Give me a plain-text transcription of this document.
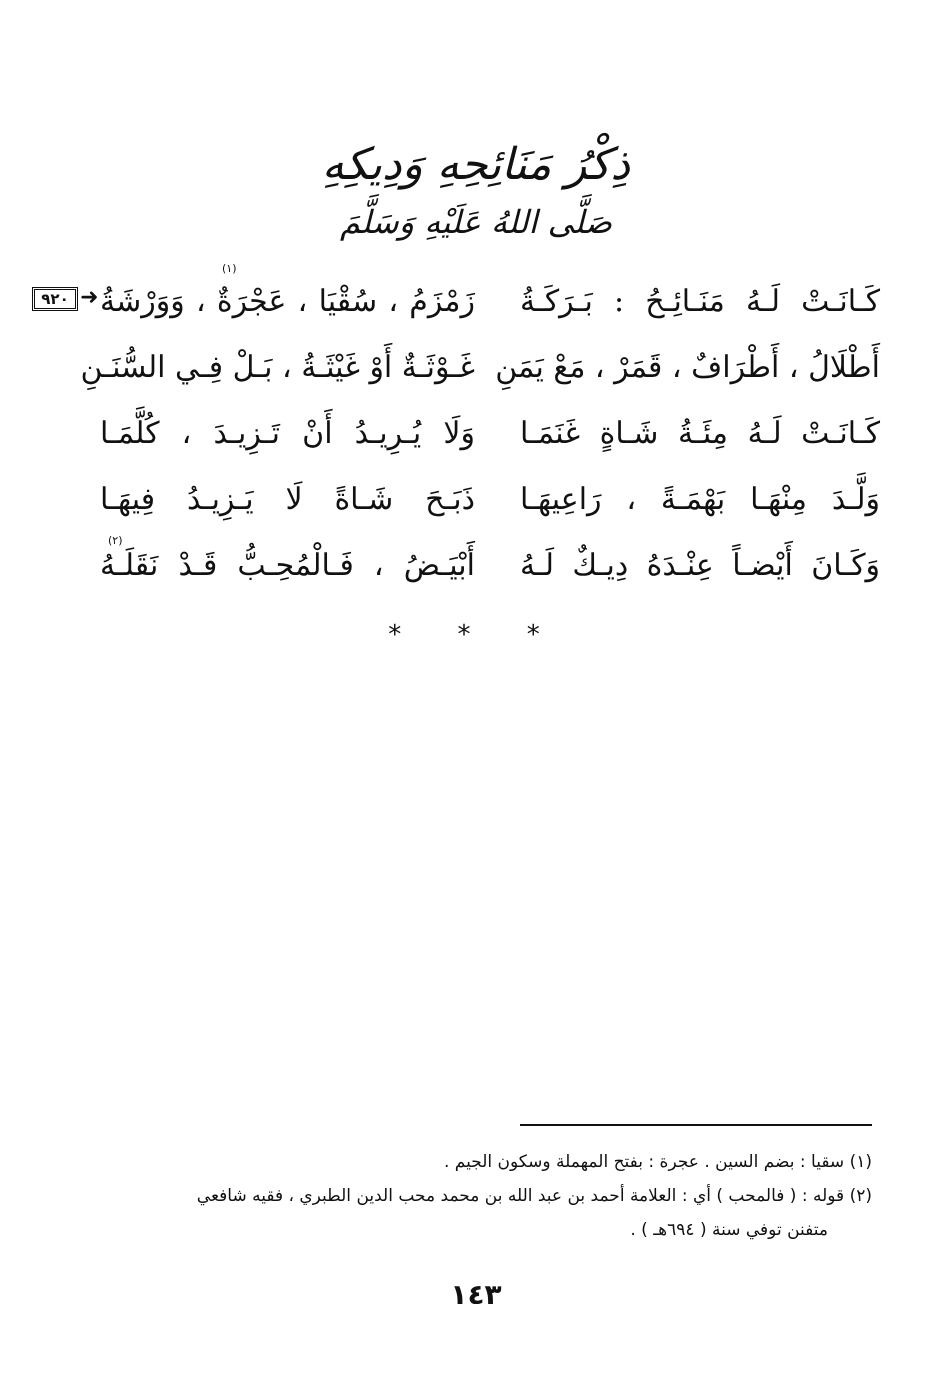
ذِكْرُ مَنَائِحِهِ وَدِيكِهِ
صَلَّى اللهُ عَلَيْهِ وَسَلَّمَ
٩٢٠ ➜
(١)
(٢)
كَـانَـتْ لَـهُ مَنَـائِـحُ : بَـرَكَـةُ
زَمْزَمُ ، سُقْيَا ، عَجْرَةٌ ، وَوَرْشَةُ
أَطْلَالُ ، أَطْرَافٌ ، قَمَرْ ، مَعْ يَمَنِ
غَـوْثَـةٌ أَوْ غَيْثَـةُ ، بَـلْ فِـي السُّنَـنِ
كَـانَـتْ لَـهُ مِئَـةُ شَـاةٍ غَنَمَـا
وَلَا يُـرِيـدُ أَنْ تَـزِيـدَ ، كُلَّمَـا
وَلَّـدَ مِنْهَـا بَهْمَـةً ، رَاعِيهَـا
ذَبَـحَ شَـاةً لَا يَـزِيـدُ فِيهَـا
وَكَـانَ أَيْضـاً عِنْـدَهُ دِيـكٌ لَـهُ
أَبْيَـضُ ، فَـالْمُحِـبُّ قَـدْ نَقَلَـهُ
* * *
(١) سقيا : بضم السين . عجرة : بفتح المهملة وسكون الجيم .
(٢) قوله : ( فالمحب ) أي : العلامة أحمد بن عبد الله بن محمد محب الدين الطبري ، فقيه شافعي
متفنن توفي سنة ( ٦٩٤هـ ) .
١٤٣
